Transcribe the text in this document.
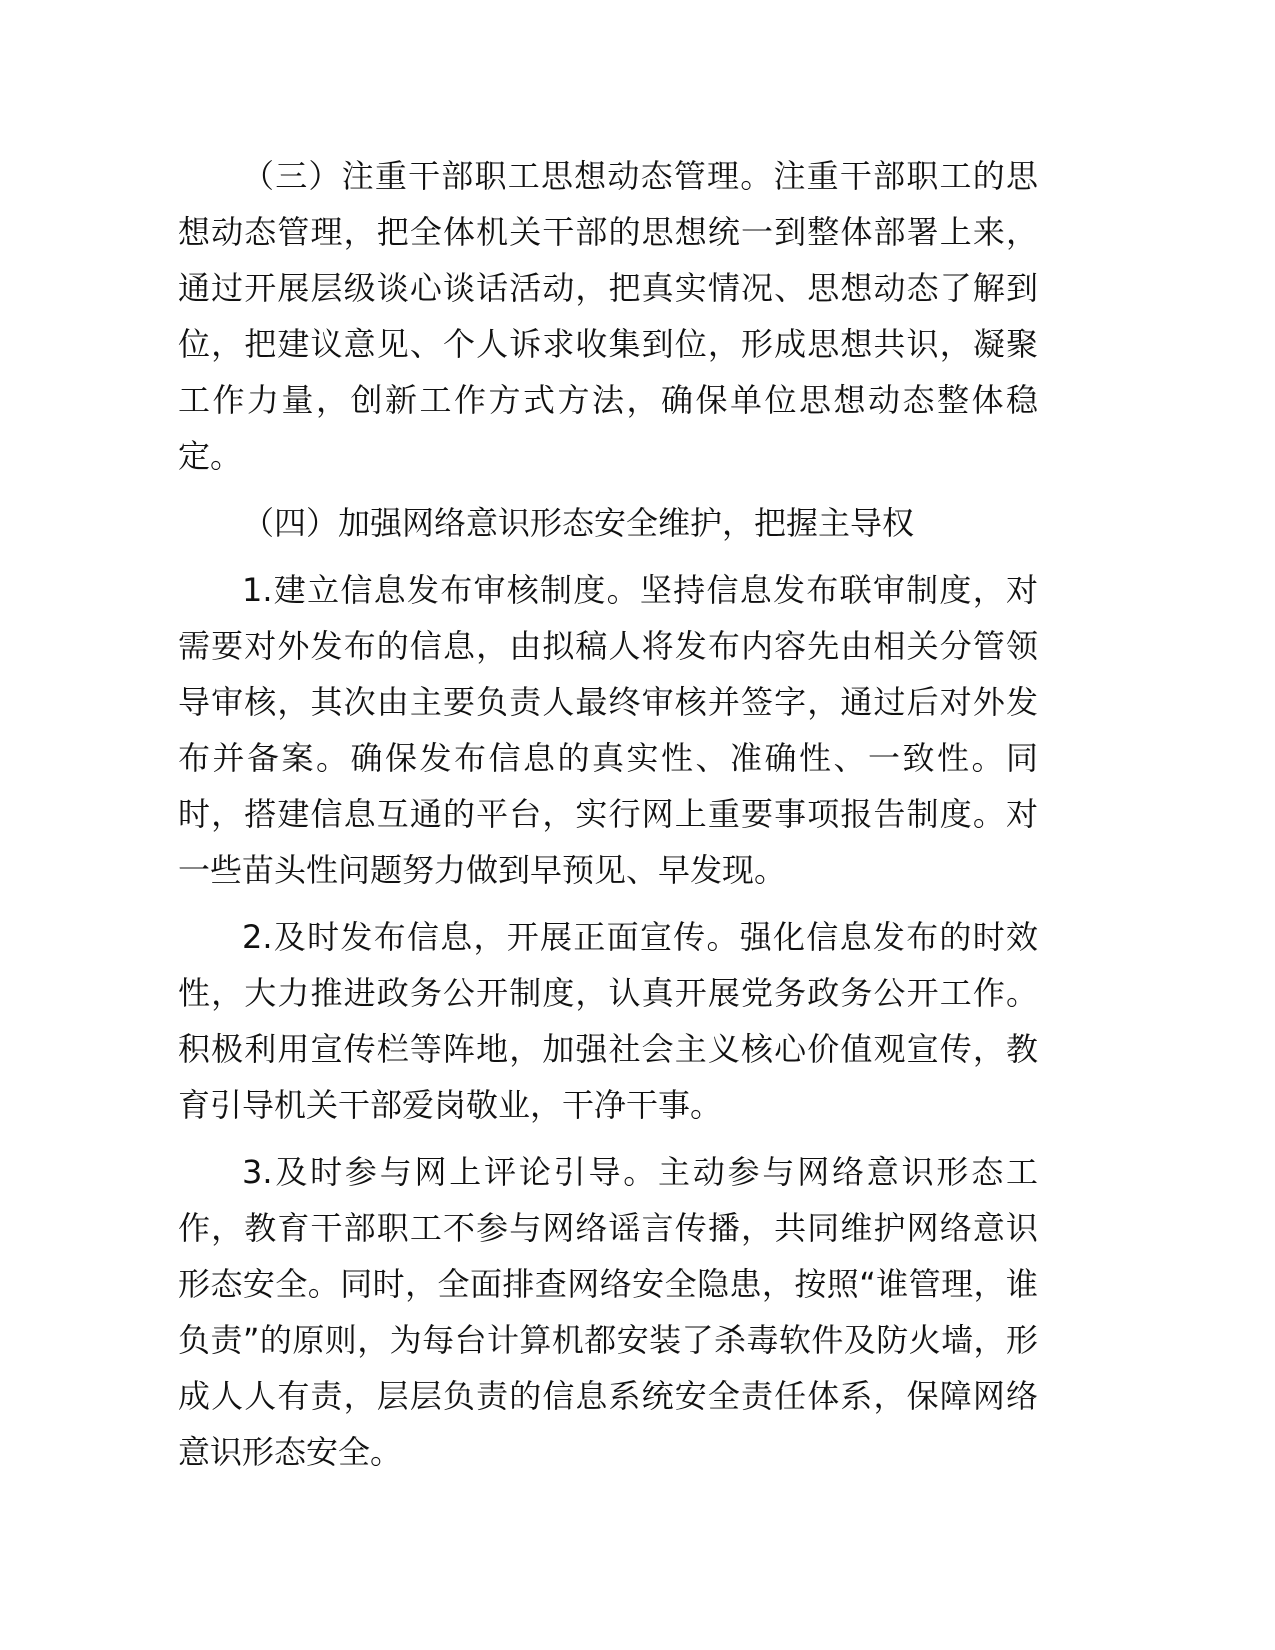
（三）注重干部职工思想动态管理。注重干部职工的思想动态管理，把全体机关干部的思想统一到整体部署上来，通过开展层级谈心谈话活动，把真实情况、思想动态了解到位，把建议意见、个人诉求收集到位，形成思想共识，凝聚工作力量，创新工作方式方法，确保单位思想动态整体稳定。

（四）加强网络意识形态安全维护，把握主导权

1.建立信息发布审核制度。坚持信息发布联审制度，对需要对外发布的信息，由拟稿人将发布内容先由相关分管领导审核，其次由主要负责人最终审核并签字，通过后对外发布并备案。确保发布信息的真实性、准确性、一致性。同时，搭建信息互通的平台，实行网上重要事项报告制度。对一些苗头性问题努力做到早预见、早发现。

2.及时发布信息，开展正面宣传。强化信息发布的时效性，大力推进政务公开制度，认真开展党务政务公开工作。积极利用宣传栏等阵地，加强社会主义核心价值观宣传，教育引导机关干部爱岗敬业，干净干事。

3.及时参与网上评论引导。主动参与网络意识形态工作，教育干部职工不参与网络谣言传播，共同维护网络意识形态安全。同时，全面排查网络安全隐患，按照“谁管理，谁负责”的原则，为每台计算机都安装了杀毒软件及防火墙，形成人人有责，层层负责的信息系统安全责任体系，保障网络意识形态安全。
